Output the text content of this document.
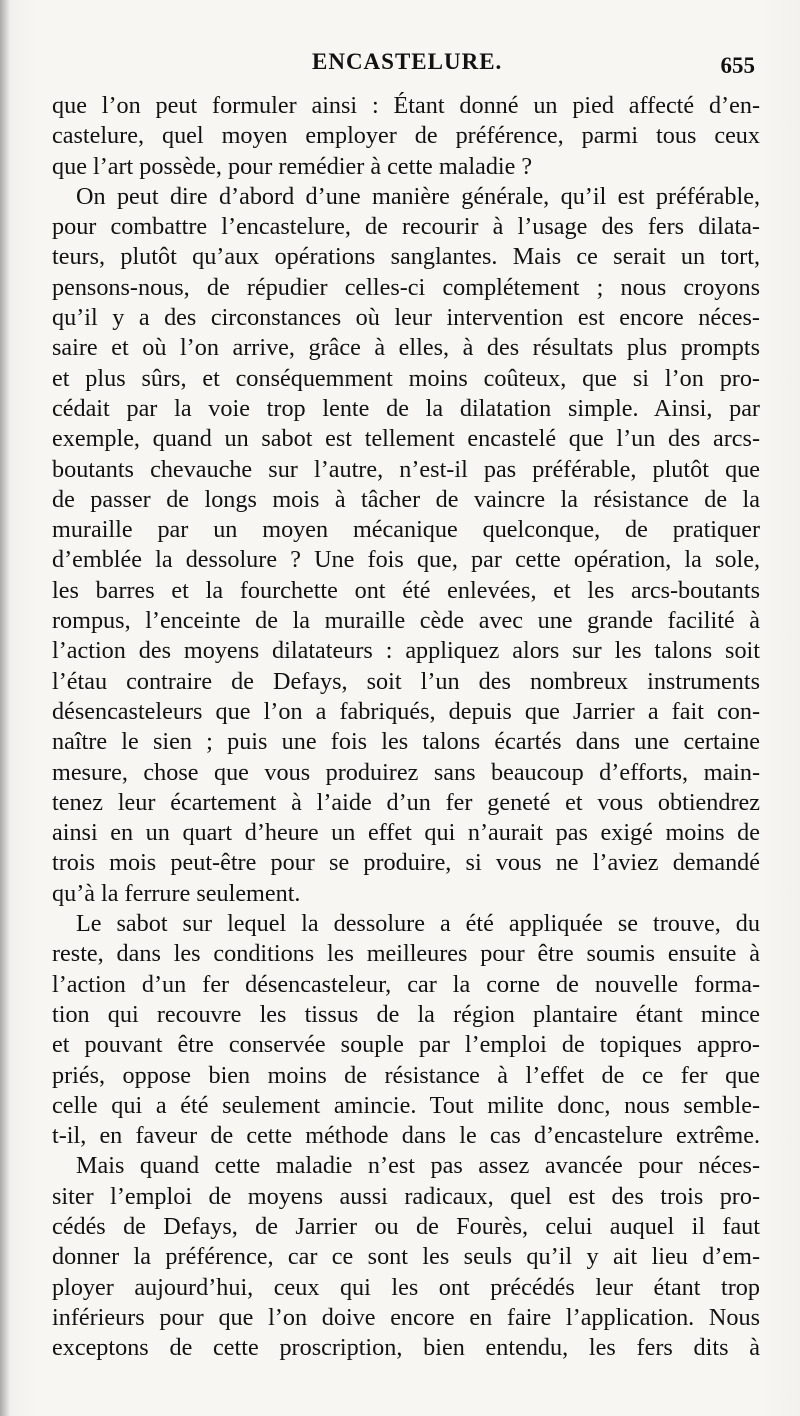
ENCASTELURE.	655
que l’on peut formuler ainsi : Étant donné un pied affecté d’en-
castelure, quel moyen employer de préférence, parmi tous ceux
que l’art possède, pour remédier à cette maladie ?
On peut dire d’abord d’une manière générale, qu’il est préférable,
pour combattre l’encastelure, de recourir à l’usage des fers dilata-
teurs, plutôt qu’aux opérations sanglantes. Mais ce serait un tort,
pensons-nous, de répudier celles-ci complétement ; nous croyons
qu’il y a des circonstances où leur intervention est encore néces-
saire et où l’on arrive, grâce à elles, à des résultats plus prompts
et plus sûrs, et conséquemment moins coûteux, que si l’on pro-
cédait par la voie trop lente de la dilatation simple. Ainsi, par
exemple, quand un sabot est tellement encastelé que l’un des arcs-
boutants chevauche sur l’autre, n’est-il pas préférable, plutôt que
de passer de longs mois à tâcher de vaincre la résistance de la
muraille par un moyen mécanique quelconque, de pratiquer
d’emblée la dessolure ? Une fois que, par cette opération, la sole,
les barres et la fourchette ont été enlevées, et les arcs-boutants
rompus, l’enceinte de la muraille cède avec une grande facilité à
l’action des moyens dilatateurs : appliquez alors sur les talons soit
l’étau contraire de Defays, soit l’un des nombreux instruments
désencasteleurs que l’on a fabriqués, depuis que Jarrier a fait con-
naître le sien ; puis une fois les talons écartés dans une certaine
mesure, chose que vous produirez sans beaucoup d’efforts, main-
tenez leur écartement à l’aide d’un fer geneté et vous obtiendrez
ainsi en un quart d’heure un effet qui n’aurait pas exigé moins de
trois mois peut-être pour se produire, si vous ne l’aviez demandé
qu’à la ferrure seulement.
Le sabot sur lequel la dessolure a été appliquée se trouve, du
reste, dans les conditions les meilleures pour être soumis ensuite à
l’action d’un fer désencasteleur, car la corne de nouvelle forma-
tion qui recouvre les tissus de la région plantaire étant mince
et pouvant être conservée souple par l’emploi de topiques appro-
priés, oppose bien moins de résistance à l’effet de ce fer que
celle qui a été seulement amincie. Tout milite donc, nous semble-
t-il, en faveur de cette méthode dans le cas d’encastelure extrême.
Mais quand cette maladie n’est pas assez avancée pour néces-
siter l’emploi de moyens aussi radicaux, quel est des trois pro-
cédés de Defays, de Jarrier ou de Fourès, celui auquel il faut
donner la préférence, car ce sont les seuls qu’il y ait lieu d’em-
ployer aujourd’hui, ceux qui les ont précédés leur étant trop
inférieurs pour que l’on doive encore en faire l’application. Nous
exceptons de cette proscription, bien entendu, les fers dits à
